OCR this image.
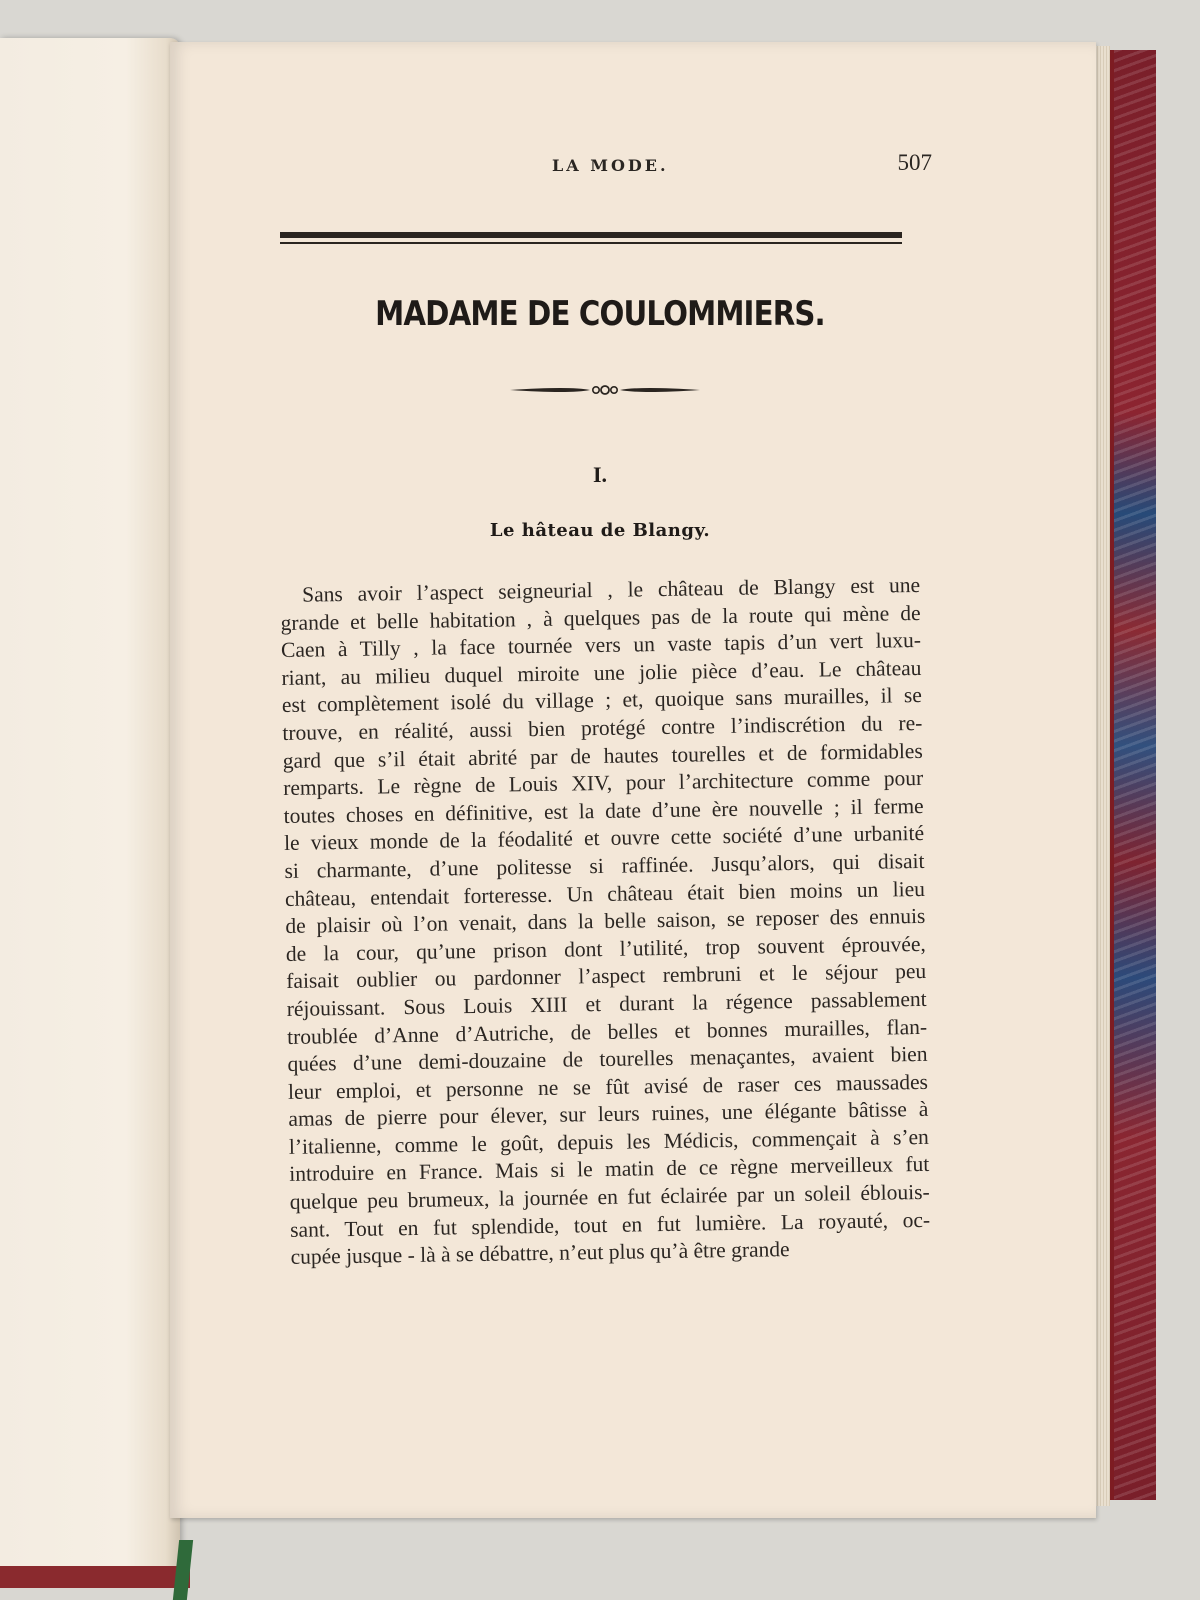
LA MODE.	507
MADAME DE COULOMMIERS.
I.
Le hâteau de Blangy.
Sans avoir l’aspect seigneurial , le château de Blangy est une
grande et belle habitation , à quelques pas de la route qui mène de
Caen à Tilly , la face tournée vers un vaste tapis d’un vert luxu-
riant, au milieu duquel miroite une jolie pièce d’eau. Le château
est complètement isolé du village ; et, quoique sans murailles, il se
trouve, en réalité, aussi bien protégé contre l’indiscrétion du re-
gard que s’il était abrité par de hautes tourelles et de formidables
remparts. Le règne de Louis XIV, pour l’architecture comme pour
toutes choses en définitive, est la date d’une ère nouvelle ; il ferme
le vieux monde de la féodalité et ouvre cette société d’une urbanité
si charmante, d’une politesse si raffinée. Jusqu’alors, qui disait
château, entendait forteresse. Un château était bien moins un lieu
de plaisir où l’on venait, dans la belle saison, se reposer des ennuis
de la cour, qu’une prison dont l’utilité, trop souvent éprouvée,
faisait oublier ou pardonner l’aspect rembruni et le séjour peu
réjouissant. Sous Louis XIII et durant la régence passablement
troublée d’Anne d’Autriche, de belles et bonnes murailles, flan-
quées d’une demi-douzaine de tourelles menaçantes, avaient bien
leur emploi, et personne ne se fût avisé de raser ces maussades
amas de pierre pour élever, sur leurs ruines, une élégante bâtisse à
l’italienne, comme le goût, depuis les Médicis, commençait à s’en
introduire en France. Mais si le matin de ce règne merveilleux fut
quelque peu brumeux, la journée en fut éclairée par un soleil éblouis-
sant. Tout en fut splendide, tout en fut lumière. La royauté, oc-
cupée jusque - là à se débattre, n’eut plus qu’à être grande
